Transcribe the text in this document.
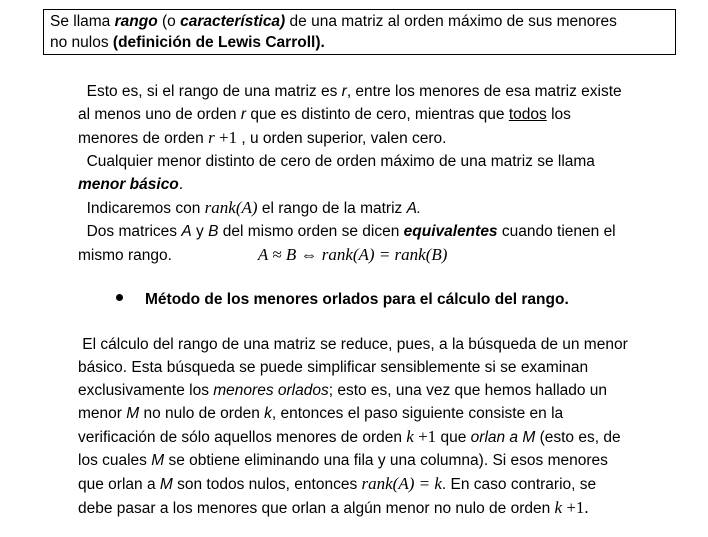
Se llama rango (o característica) de una matriz al orden máximo de sus menores
no nulos (definición de Lewis Carroll).
Esto es, si el rango de una matriz es r, entre los menores de esa matriz existe
al menos uno de orden r que es distinto de cero, mientras que todos los
menores de orden r +1 , u orden superior, valen cero.
Cualquier menor distinto de cero de orden máximo de una matriz se llama
menor básico.
Indicaremos con rank(A) el rango de la matriz A.
Dos matrices A y B del mismo orden se dicen equivalentes cuando tienen el
mismo rango.	A ≈ B ⇔ rank(A) = rank(B)
Método de los menores orlados para el cálculo del rango.
El cálculo del rango de una matriz se reduce, pues, a la búsqueda de un menor
básico. Esta búsqueda se puede simplificar sensiblemente si se examinan
exclusivamente los menores orlados; esto es, una vez que hemos hallado un
menor M no nulo de orden k, entonces el paso siguiente consiste en la
verificación de sólo aquellos menores de orden k +1 que orlan a M (esto es, de
los cuales M se obtiene eliminando una fila y una columna). Si esos menores
que orlan a M son todos nulos, entonces rank(A) = k. En caso contrario, se
debe pasar a los menores que orlan a algún menor no nulo de orden k +1.
